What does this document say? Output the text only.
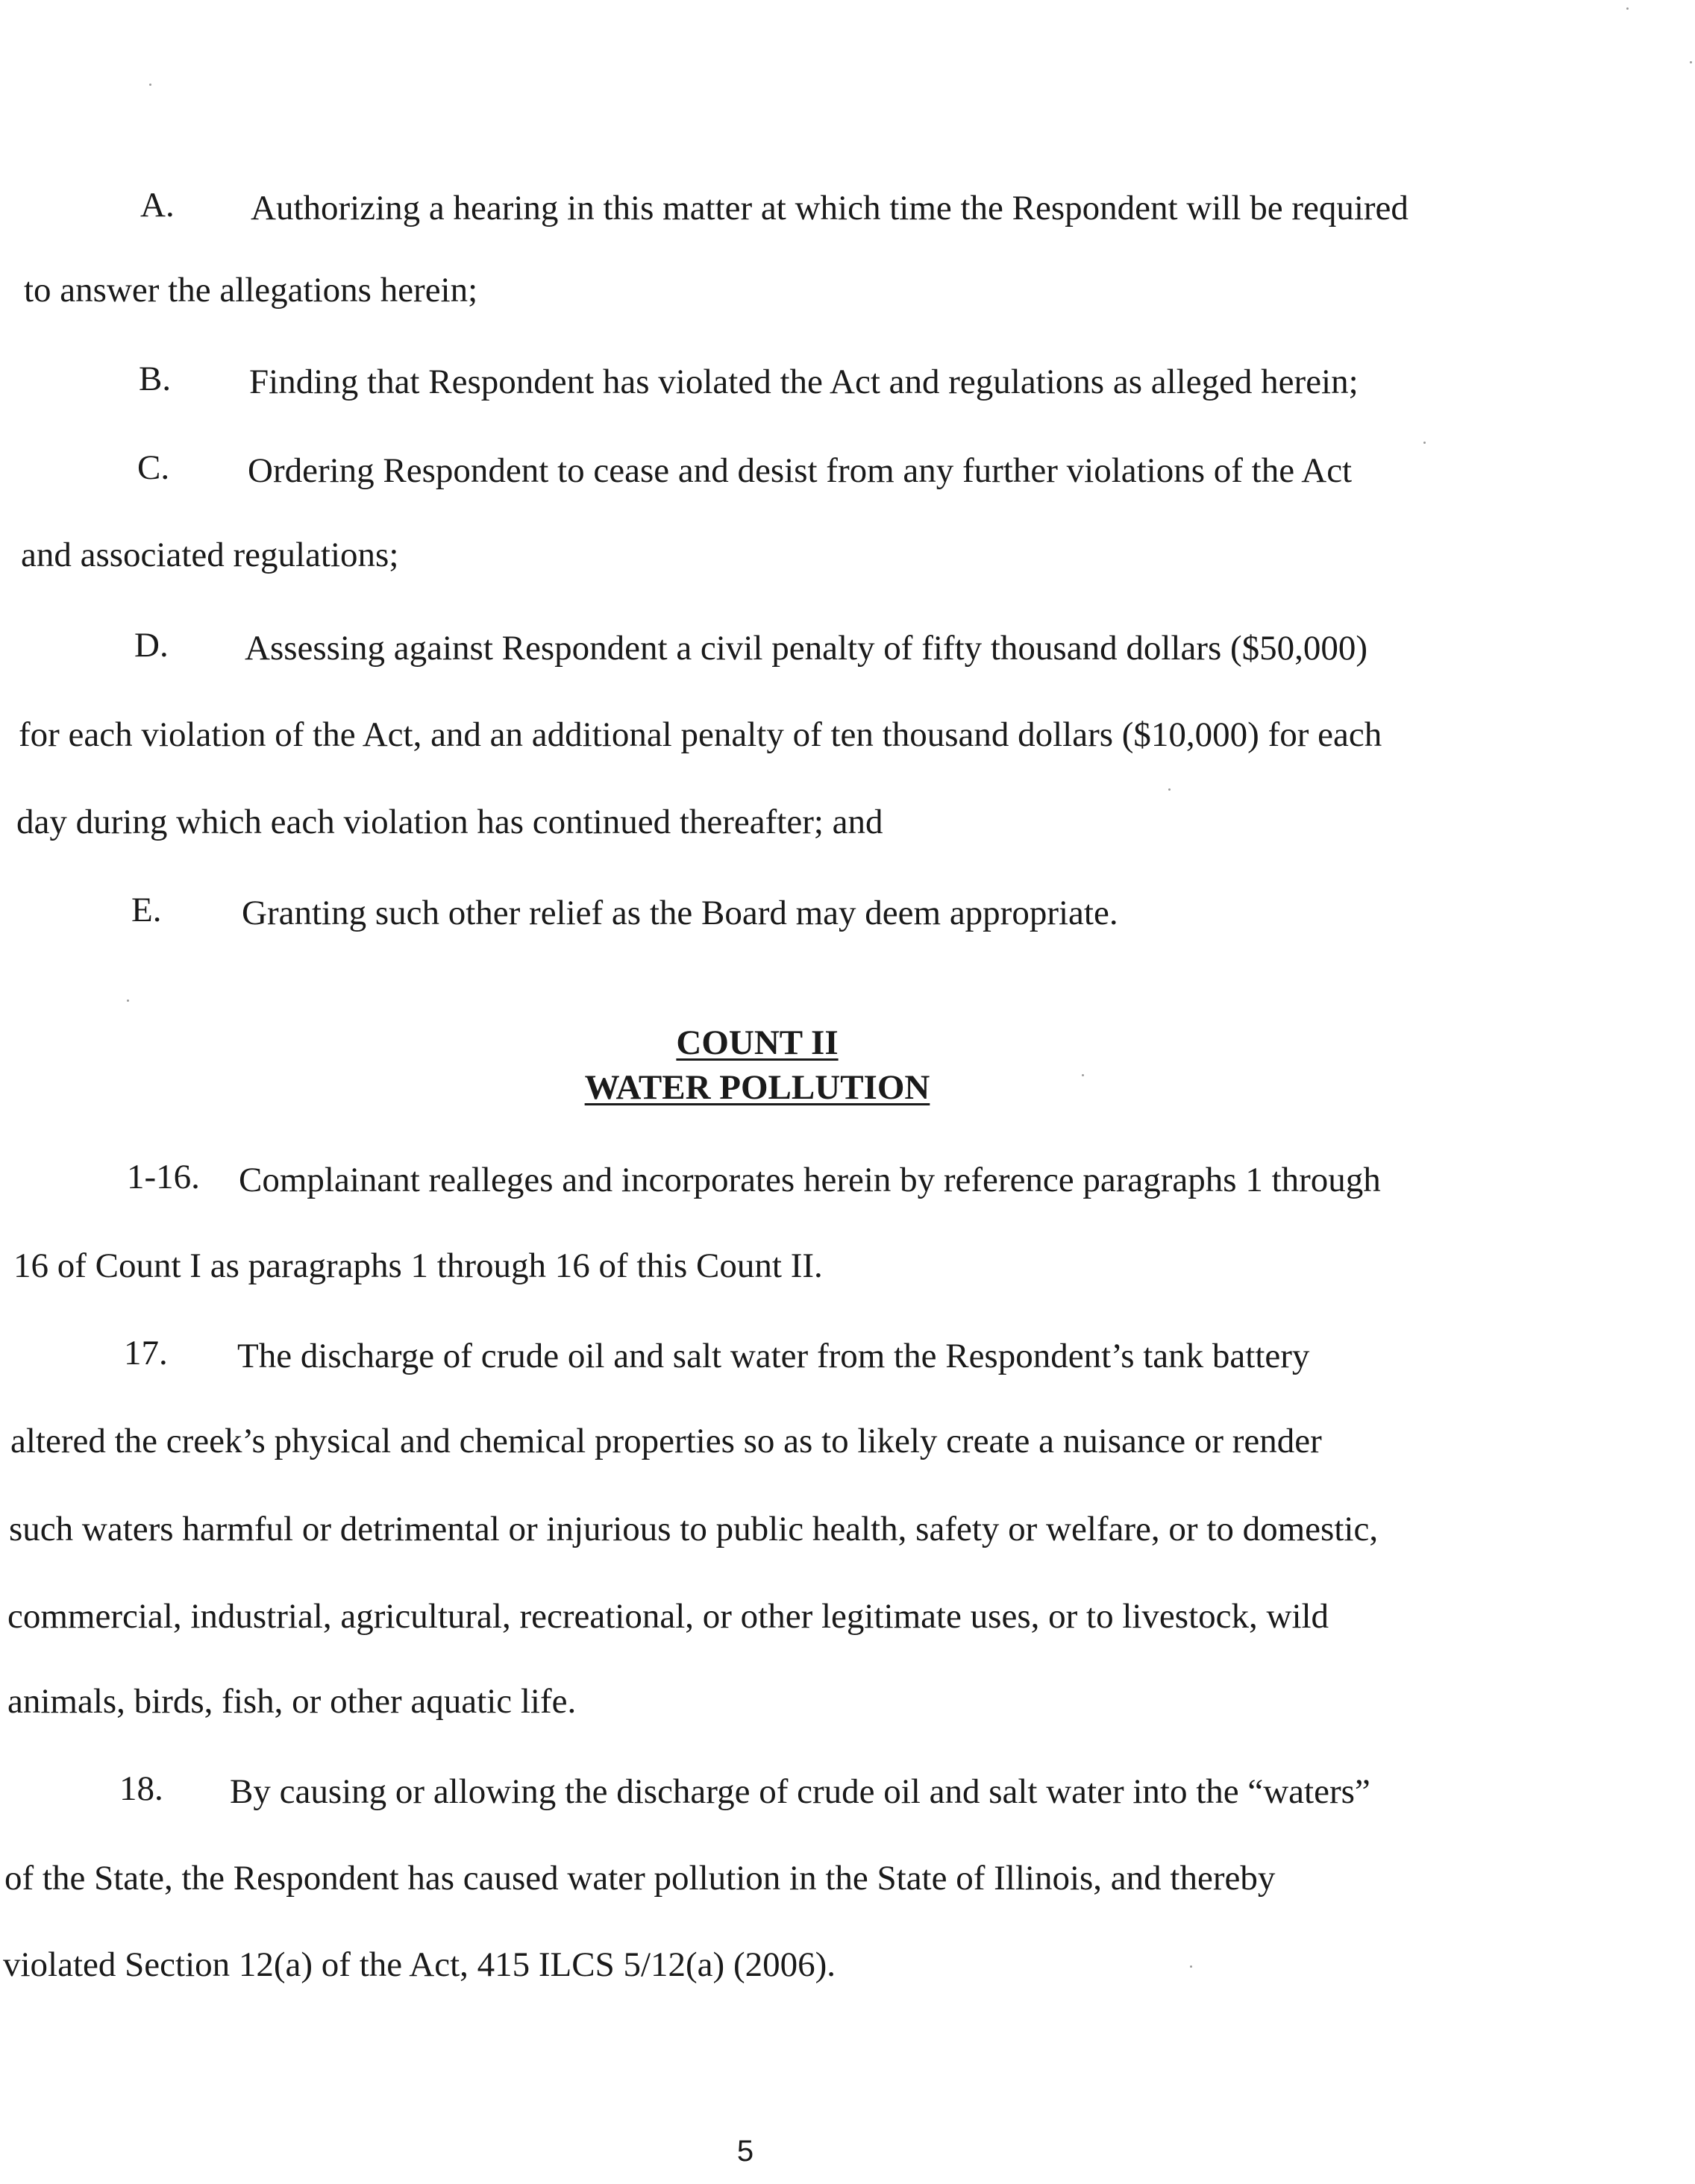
A. Authorizing a hearing in this matter at which time the Respondent will be required

to answer the allegations herein;

B. Finding that Respondent has violated the Act and regulations as alleged herein;

C. Ordering Respondent to cease and desist from any further violations of the Act

and associated regulations;

D. Assessing against Respondent a civil penalty of fifty thousand dollars ($50,000)

for each violation of the Act, and an additional penalty of ten thousand dollars ($10,000) for each

day during which each violation has continued thereafter; and

E. Granting such other relief as the Board may deem appropriate.

COUNT II
WATER POLLUTION
1-16. Complainant realleges and incorporates herein by reference paragraphs 1 through

16 of Count I as paragraphs 1 through 16 of this Count II.

17. The discharge of crude oil and salt water from the Respondent’s tank battery

altered the creek’s physical and chemical properties so as to likely create a nuisance or render

such waters harmful or detrimental or injurious to public health, safety or welfare, or to domestic,

commercial, industrial, agricultural, recreational, or other legitimate uses, or to livestock, wild

animals, birds, fish, or other aquatic life.

18. By causing or allowing the discharge of crude oil and salt water into the “waters”

of the State, the Respondent has caused water pollution in the State of Illinois, and thereby

violated Section 12(a) of the Act, 415 ILCS 5/12(a) (2006).

5
